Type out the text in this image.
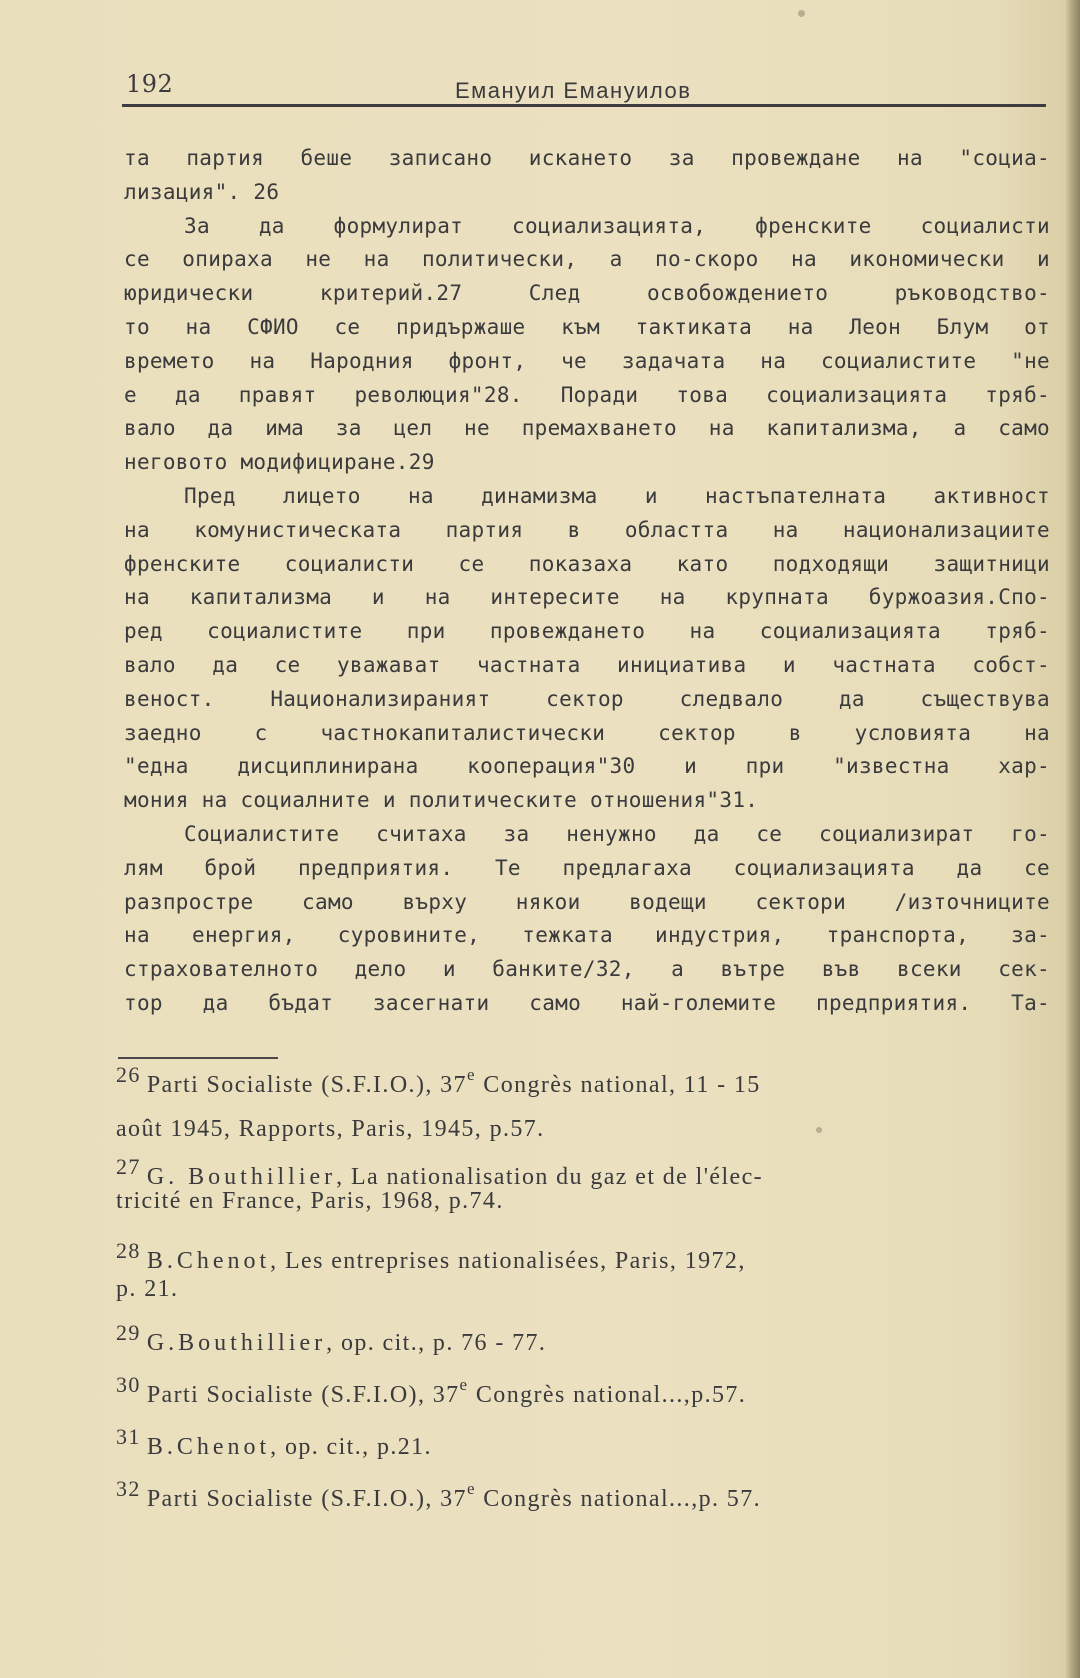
192	Емануил Емануилов
та партия беше записано искането за провеждане на "социа-
лизация". 26
За да формулират социализацията, френските социалисти
се опираха не на политически, а по-скоро на икономически и
юридически критерий.27 След освобождението ръководство-
то на СФИО се придържаше към тактиката на Леон Блум от
времето на Народния фронт, че задачата на социалистите "не
е да правят революция"28. Поради това социализацията тряб-
вало да има за цел не премахването на капитализма, а само
неговото модифициране.29
Пред лицето на динамизма и настъпателната активност
на комунистическата партия в областта на национализациите
френските социалисти се показаха като подходящи защитници
на капитализма и на интересите на крупната буржоазия.Спо-
ред социалистите при провеждането на социализацията тряб-
вало да се уважават частната инициатива и частната собст-
веност. Национализираният сектор следвало да съществува
заедно с частнокапиталистически сектор в условията на
"една дисциплинирана кооперация"30 и при "известна хар-
мония на социалните и политическите отношения"31.
Социалистите считаха за ненужно да се социализират го-
лям брой предприятия. Те предлагаха социализацията да се
разпростре само върху някои водещи сектори /източниците
на енергия, суровините, тежката индустрия, транспорта, за-
страхователното дело и банките/32, а вътре във всеки сек-
тор да бъдат засегнати само най-големите предприятия. Та-
26 Parti Socialiste (S.F.I.O.), 37e Congrès national, 11 - 15
août 1945, Rapports, Paris, 1945, p.57.
27 G. Bouthillier, La nationalisation du gaz et de l'élec-
tricité en France, Paris, 1968, p.74.
28 B.Chenot, Les entreprises nationalisées, Paris, 1972,
p. 21.
29 G.Bouthillier, op. cit., p. 76 - 77.
30 Parti Socialiste (S.F.I.O), 37e Congrès national...,p.57.
31 B.Chenot, op. cit., p.21.
32 Parti Socialiste (S.F.I.O.), 37e Congrès national...,p. 57.
